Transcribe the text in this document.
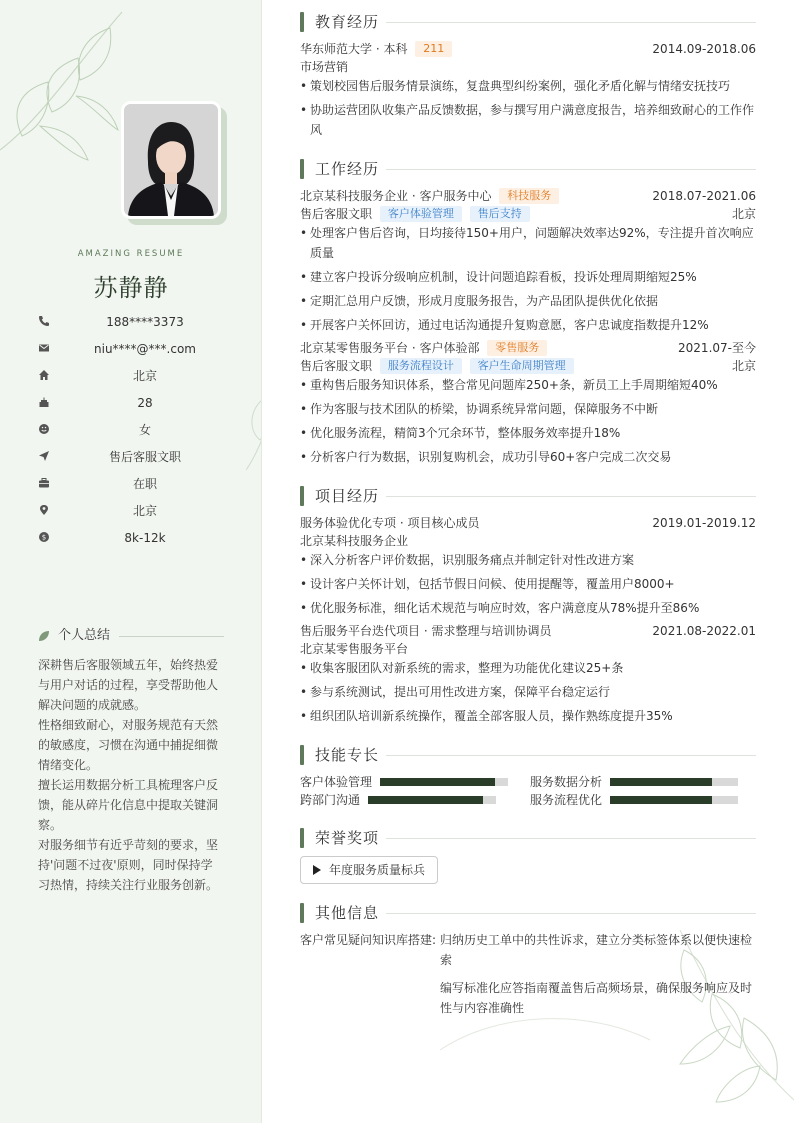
AMAZING RESUME
苏静静
188****3373
niu****@***.com
北京
28
女
售后客服文职
在职
北京
$	8k-12k
个人总结

深耕售后客服领域五年，始终热爱与用户对话的过程，享受帮助他人解决问题的成就感。

性格细致耐心，对服务规范有天然的敏感度，习惯在沟通中捕捉细微情绪变化。

擅长运用数据分析工具梳理客户反馈，能从碎片化信息中提取关键洞察。

对服务细节有近乎苛刻的要求，坚持'问题不过夜'原则，同时保持学习热情，持续关注行业服务创新。

教育经历
华东师范大学 · 本科 211	2014.09-2018.06
市场营销
• 策划校园售后服务情景演练，复盘典型纠纷案例，强化矛盾化解与情绪安抚技巧
• 协助运营团队收集产品反馈数据，参与撰写用户满意度报告，培养细致耐心的工作作风
工作经历
北京某科技服务企业 · 客户服务中心 科技服务	2018.07-2021.06
售后客服文职 客户体验管理 售后支持	北京
• 处理客户售后咨询，日均接待150+用户，问题解决效率达92%，专注提升首次响应质量
• 建立客户投诉分级响应机制，设计问题追踪看板，投诉处理周期缩短25%
• 定期汇总用户反馈，形成月度服务报告，为产品团队提供优化依据
• 开展客户关怀回访，通过电话沟通提升复购意愿，客户忠诚度指数提升12%
北京某零售服务平台 · 客户体验部 零售服务	2021.07-至今
售后客服文职 服务流程设计 客户生命周期管理	北京
• 重构售后服务知识体系，整合常见问题库250+条，新员工上手周期缩短40%
• 作为客服与技术团队的桥梁，协调系统异常问题，保障服务不中断
• 优化服务流程，精简3个冗余环节，整体服务效率提升18%
• 分析客户行为数据，识别复购机会，成功引导60+客户完成二次交易
项目经历
服务体验优化专项 · 项目核心成员	2019.01-2019.12
北京某科技服务企业
• 深入分析客户评价数据，识别服务痛点并制定针对性改进方案
• 设计客户关怀计划，包括节假日问候、使用提醒等，覆盖用户8000+
• 优化服务标准，细化话术规范与响应时效，客户满意度从78%提升至86%
售后服务平台迭代项目 · 需求整理与培训协调员	2021.08-2022.01
北京某零售服务平台
• 收集客服团队对新系统的需求，整理为功能优化建议25+条
• 参与系统测试，提出可用性改进方案，保障平台稳定运行
• 组织团队培训新系统操作，覆盖全部客服人员，操作熟练度提升35%
技能专长
客户体验管理	服务数据分析
跨部门沟通	服务流程优化
荣誉奖项
年度服务质量标兵
其他信息
客户常见疑问知识库搭建: 归纳历史工单中的共性诉求，建立分类标签体系以便快速检索
编写标准化应答指南覆盖售后高频场景，确保服务响应及时性与内容准确性
